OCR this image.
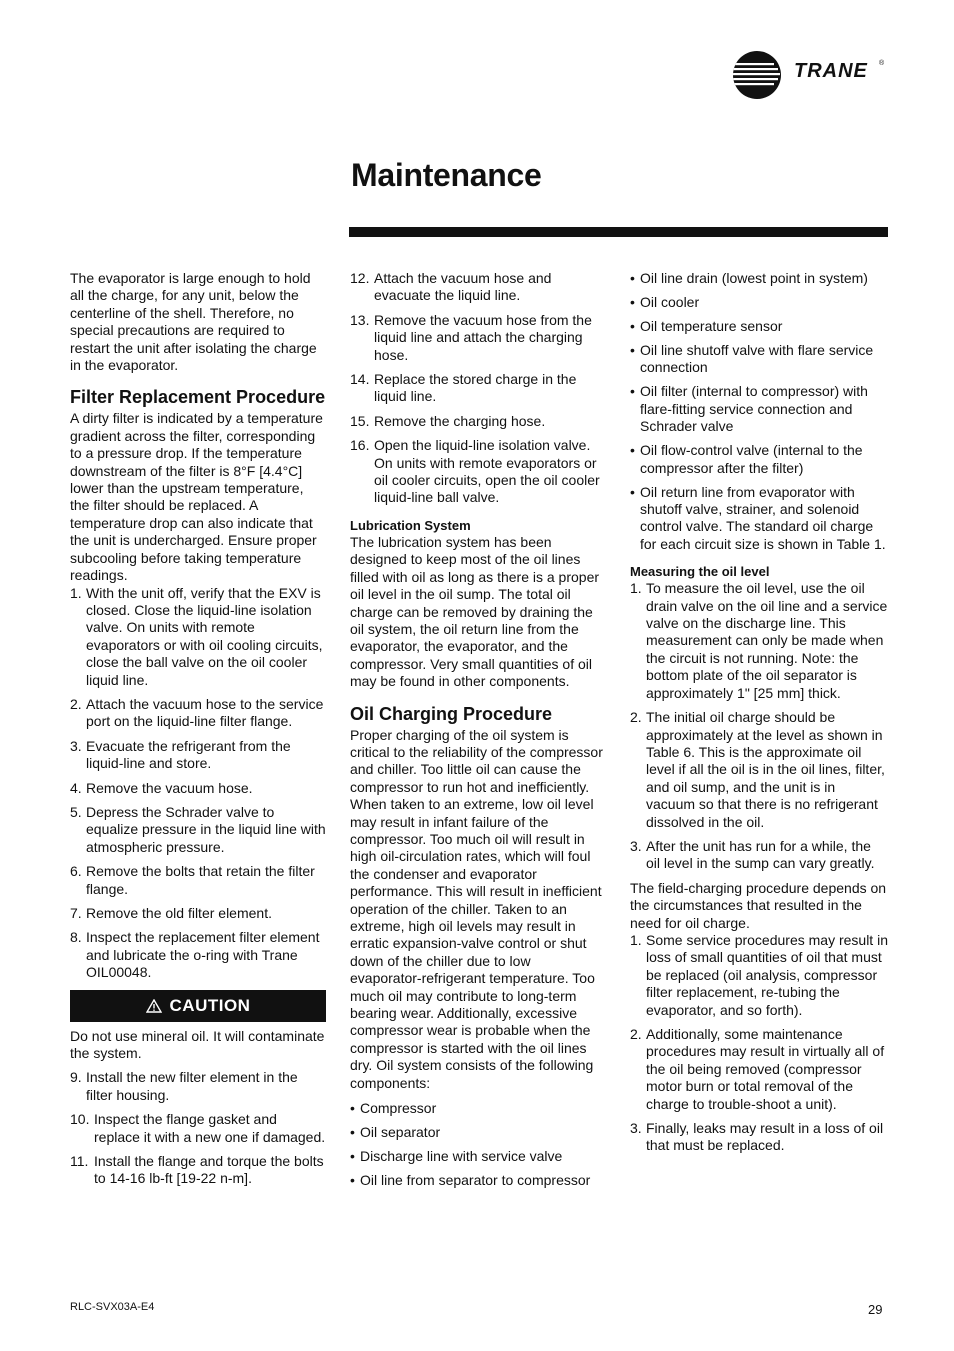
TRANE ®
Maintenance

The evaporator is large enough to hold all the charge, for any unit, below the centerline of the shell. Therefore, no special precautions are required to restart the unit after isolating the charge in the evaporator.

Filter Replacement Procedure

A dirty filter is indicated by a temperature gradient across the filter, corresponding to a pressure drop. If the temperature downstream of the filter is 8°F [4.4°C] lower than the upstream temperature, the filter should be replaced. A temperature drop can also indicate that the unit is undercharged. Ensure proper subcooling before taking temperature readings.

1. With the unit off, verify that the EXV is closed. Close the liquid-line isolation valve. On units with remote evaporators or with oil cooling circuits, close the ball valve on the oil cooler liquid line.
2. Attach the vacuum hose to the service port on the liquid-line filter flange.
3. Evacuate the refrigerant from the liquid-line and store.
4. Remove the vacuum hose.
5. Depress the Schrader valve to equalize pressure in the liquid line with atmospheric pressure.
6. Remove the bolts that retain the filter flange.
7. Remove the old filter element.
8. Inspect the replacement filter element and lubricate the o-ring with Trane OIL00048.
CAUTION

Do not use mineral oil. It will contaminate the system.

9. Install the new filter element in the filter housing.
10. Inspect the flange gasket and replace it with a new one if damaged.
11. Install the flange and torque the bolts to 14-16 lb-ft [19-22 n-m].
12. Attach the vacuum hose and evacuate the liquid line.
13. Remove the vacuum hose from the liquid line and attach the charging hose.
14. Replace the stored charge in the liquid line.
15. Remove the charging hose.
16. Open the liquid-line isolation valve. On units with remote evaporators or oil cooler circuits, open the oil cooler liquid-line ball valve.
Lubrication System

The lubrication system has been designed to keep most of the oil lines filled with oil as long as there is a proper oil level in the oil sump. The total oil charge can be removed by draining the oil system, the oil return line from the evaporator, the evaporator, and the compressor. Very small quantities of oil may be found in other components.

Oil Charging Procedure

Proper charging of the oil system is critical to the reliability of the compressor and chiller. Too little oil can cause the compressor to run hot and inefficiently. When taken to an extreme, low oil level may result in infant failure of the compressor. Too much oil will result in high oil-circulation rates, which will foul the condenser and evaporator performance. This will result in inefficient operation of the chiller. Taken to an extreme, high oil levels may result in erratic expansion-valve control or shut down of the chiller due to low evaporator-refrigerant temperature. Too much oil may contribute to long-term bearing wear. Additionally, excessive compressor wear is probable when the compressor is started with the oil lines dry. Oil system consists of the following components:

• Compressor
• Oil separator
• Discharge line with service valve
• Oil line from separator to compressor
• Oil line drain (lowest point in system)
• Oil cooler
• Oil temperature sensor
• Oil line shutoff valve with flare service connection
• Oil filter (internal to compressor) with flare-fitting service connection and Schrader valve
• Oil flow-control valve (internal to the compressor after the filter)
• Oil return line from evaporator with shutoff valve, strainer, and solenoid control valve. The standard oil charge for each circuit size is shown in Table 1.
Measuring the oil level
1. To measure the oil level, use the oil drain valve on the oil line and a service valve on the discharge line. This measurement can only be made when the circuit is not running. Note: the bottom plate of the oil separator is approximately 1" [25 mm] thick.
2. The initial oil charge should be approximately at the level as shown in Table 6. This is the approximate oil level if all the oil is in the oil lines, filter, and oil sump, and the unit is in vacuum so that there is no refrigerant dissolved in the oil.
3. After the unit has run for a while, the oil level in the sump can vary greatly.

The field-charging procedure depends on the circumstances that resulted in the need for oil charge.

1. Some service procedures may result in loss of small quantities of oil that must be replaced (oil analysis, compressor filter replacement, re-tubing the evaporator, and so forth).
2. Additionally, some maintenance procedures may result in virtually all of the oil being removed (compressor motor burn or total removal of the charge to trouble-shoot a unit).
3. Finally, leaks may result in a loss of oil that must be replaced.
RLC-SVX03A-E4	29
